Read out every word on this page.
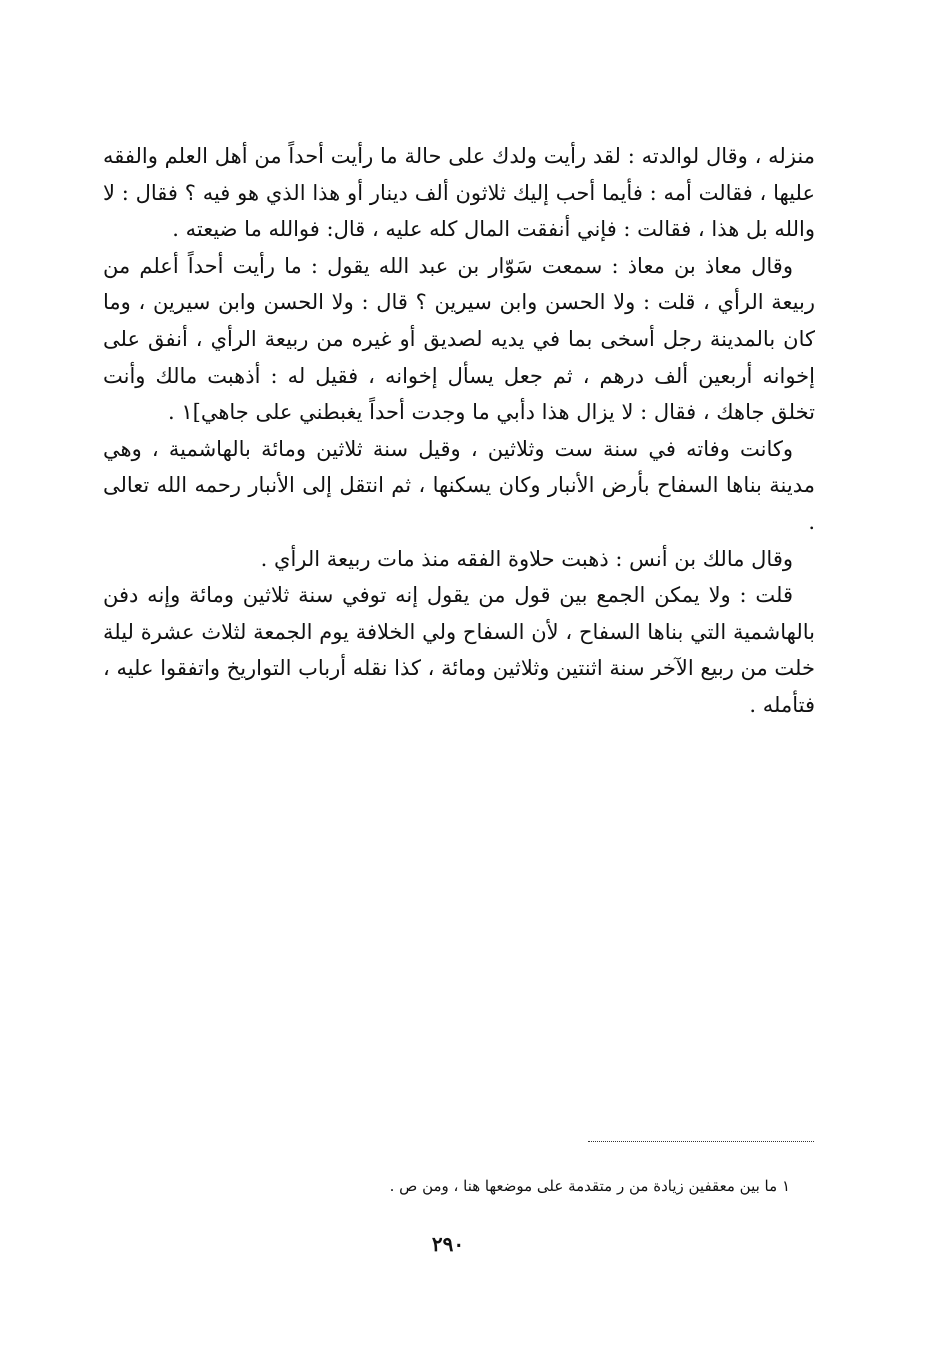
منزله ، وقال لوالدته : لقد رأيت ولدك على حالة ما رأيت أحداً من أهل العلم والفقه عليها ، فقالت أمه : فأيما أحب إليك ثلاثون ألف دينار أو هذا الذي هو فيه ؟ فقال : لا والله بل هذا ، فقالت : فإني أنفقت المال كله عليه ، قال: فوالله ما ضيعته .

وقال معاذ بن معاذ : سمعت سَوّار بن عبد الله يقول : ما رأيت أحداً أعلم من ربيعة الرأي ، قلت : ولا الحسن وابن سيرين ؟ قال : ولا الحسن وابن سيرين ، وما كان بالمدينة رجل أسخى بما في يديه لصديق أو غيره من ربيعة الرأي ، أنفق على إخوانه أربعين ألف درهم ، ثم جعل يسأل إخوانه ، فقيل له : أذهبت مالك وأنت تخلق جاهك ، فقال : لا يزال هذا دأبي ما وجدت أحداً يغبطني على جاهي]١ .

وكانت وفاته في سنة ست وثلاثين ، وقيل سنة ثلاثين ومائة بالهاشمية ، وهي مدينة بناها السفاح بأرض الأنبار وكان يسكنها ، ثم انتقل إلى الأنبار رحمه الله تعالى .

وقال مالك بن أنس : ذهبت حلاوة الفقه منذ مات ربيعة الرأي .

قلت : ولا يمكن الجمع بين قول من يقول إنه توفي سنة ثلاثين ومائة وإنه دفن بالهاشمية التي بناها السفاح ، لأن السفاح ولي الخلافة يوم الجمعة لثلاث عشرة ليلة خلت من ربيع الآخر سنة اثنتين وثلاثين ومائة ، كذا نقله أرباب التواريخ واتفقوا عليه ، فتأمله .

١ ما بين معقفين زيادة من ر متقدمة على موضعها هنا ، ومن ص .
٢٩٠
